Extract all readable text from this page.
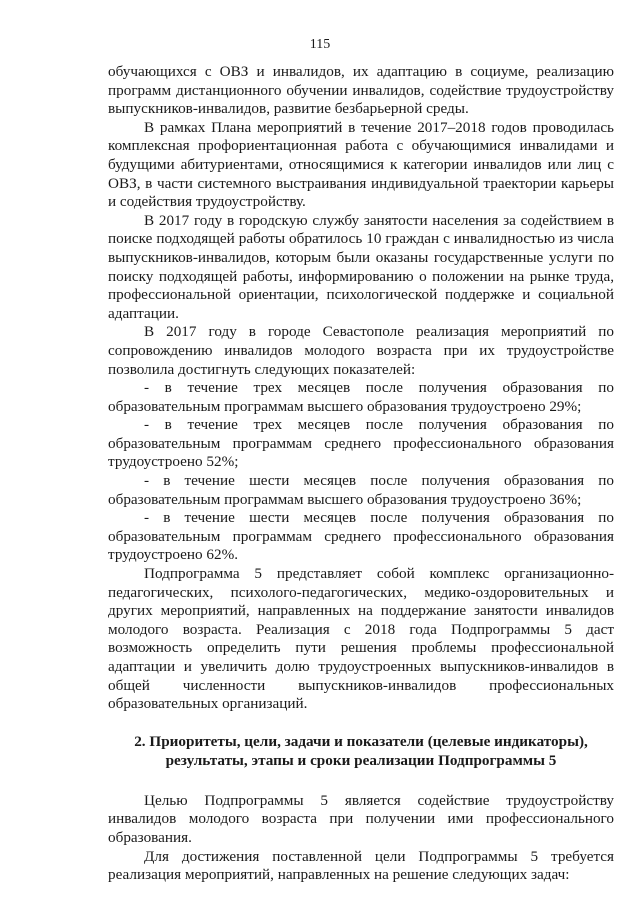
115

обучающихся с ОВЗ и инвалидов, их адаптацию в социуме, реализацию программ дистанционного обучении инвалидов, содействие трудоустройству выпускников-инвалидов, развитие безбарьерной среды.

В рамках Плана мероприятий в течение 2017–2018 годов проводилась комплексная профориентационная работа с обучающимися инвалидами и будущими абитуриентами, относящимися к категории инвалидов или лиц с ОВЗ, в части системного выстраивания индивидуальной траектории карьеры и содействия трудоустройству.

В 2017 году в городскую службу занятости населения за содействием в поиске подходящей работы обратилось 10 граждан с инвалидностью из числа выпускников-инвалидов, которым были оказаны государственные услуги по поиску подходящей работы, информированию о положении на рынке труда, профессиональной ориентации, психологической поддержке и социальной адаптации.

В 2017 году в городе Севастополе реализация мероприятий по сопровождению инвалидов молодого возраста при их трудоустройстве позволила достигнуть следующих показателей:

- в течение трех месяцев после получения образования по образовательным программам высшего образования трудоустроено 29%;

- в течение трех месяцев после получения образования по образовательным программам среднего профессионального образования трудоустроено 52%;

- в течение шести месяцев после получения образования по образовательным программам высшего образования трудоустроено 36%;

- в течение шести месяцев после получения образования по образовательным программам среднего профессионального образования трудоустроено 62%.

Подпрограмма 5 представляет собой комплекс организационно-педагогических, психолого-педагогических, медико-оздоровительных и других мероприятий, направленных на поддержание занятости инвалидов молодого возраста. Реализация с 2018 года Подпрограммы 5 даст возможность определить пути решения проблемы профессиональной адаптации и увеличить долю трудоустроенных выпускников-инвалидов в общей численности выпускников-инвалидов профессиональных образовательных организаций.

2. Приоритеты, цели, задачи и показатели (целевые индикаторы), результаты, этапы и сроки реализации Подпрограммы 5

Целью Подпрограммы 5 является содействие трудоустройству инвалидов молодого возраста при получении ими профессионального образования.

Для достижения поставленной цели Подпрограммы 5 требуется реализация мероприятий, направленных на решение следующих задач:
